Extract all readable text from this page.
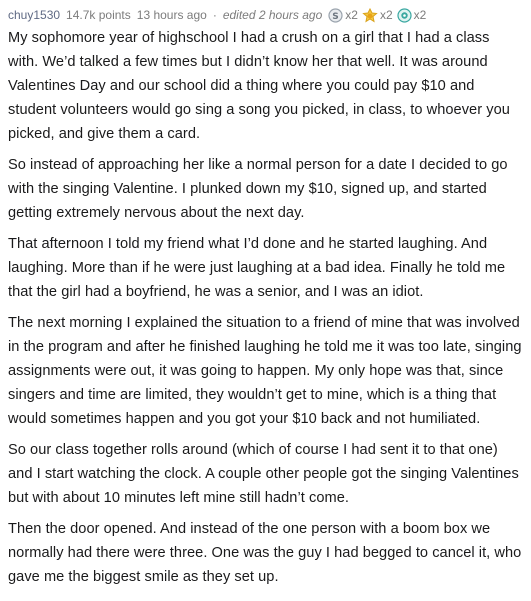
chuy1530 14.7k points 13 hours ago · edited 2 hours ago S x2 x2 x2

My sophomore year of highschool I had a crush on a girl that I had a class with. We’d talked a few times but I didn’t know her that well. It was around Valentines Day and our school did a thing where you could pay $10 and student volunteers would go sing a song you picked, in class, to whoever you picked, and give them a card.

So instead of approaching her like a normal person for a date I decided to go with the singing Valentine. I plunked down my $10, signed up, and started getting extremely nervous about the next day.

That afternoon I told my friend what I’d done and he started laughing. And laughing. More than if he were just laughing at a bad idea. Finally he told me that the girl had a boyfriend, he was a senior, and I was an idiot.

The next morning I explained the situation to a friend of mine that was involved in the program and after he finished laughing he told me it was too late, singing assignments were out, it was going to happen. My only hope was that, since singers and time are limited, they wouldn’t get to mine, which is a thing that would sometimes happen and you got your $10 back and not humiliated.

So our class together rolls around (which of course I had sent it to that one) and I start watching the clock. A couple other people got the singing Valentines but with about 10 minutes left mine still hadn’t come.

Then the door opened. And instead of the one person with a boom box we normally had there were three. One was the guy I had begged to cancel it, who gave me the biggest smile as they set up.
